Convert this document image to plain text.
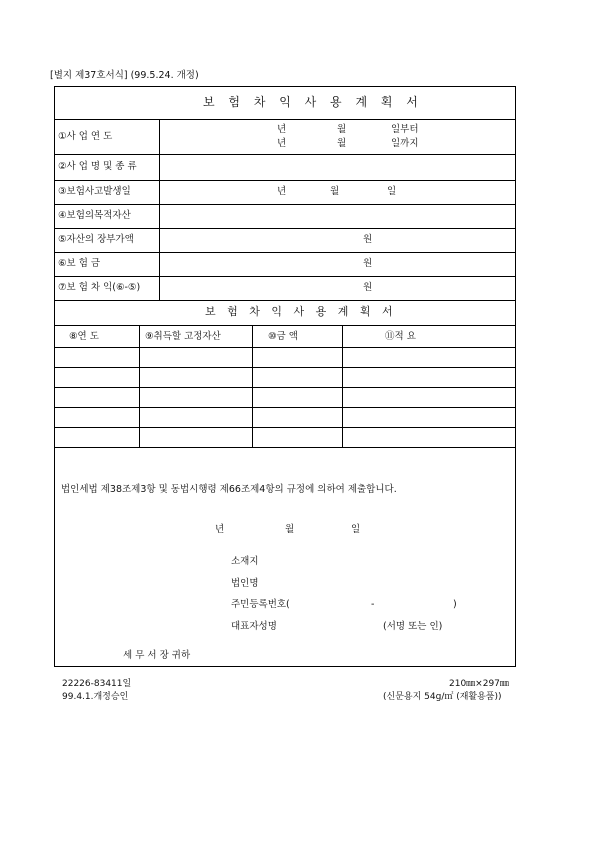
[별지 제37호서식] (99.5.24. 개정)
보 험 차 익 사 용 계 획 서
①사 업 연 도
년	월	일부터
년	월	일까지
②사 업 명 및 종 류
③보험사고발생일	년	월	일
④보험의목적자산
⑤자산의 장부가액	원
⑥보 험 금	원
⑦보 험 차 익(⑥-⑤)	원
보 험 차 익 사 용 계 획 서
⑧연 도	⑨취득할 고정자산	⑩금 액	⑪적 요
법인세법 제38조제3항 및 동법시행령 제66조제4항의 규정에 의하여 제출합니다.
년	월	일
소재지
법인명
주민등록번호(	-	)
대표자성명	(서명 또는 인)
세 무 서 장 귀하
22226-83411일
99.4.1.개정승인
210㎜×297㎜
(신문용지 54g/㎡ (재활용품))
